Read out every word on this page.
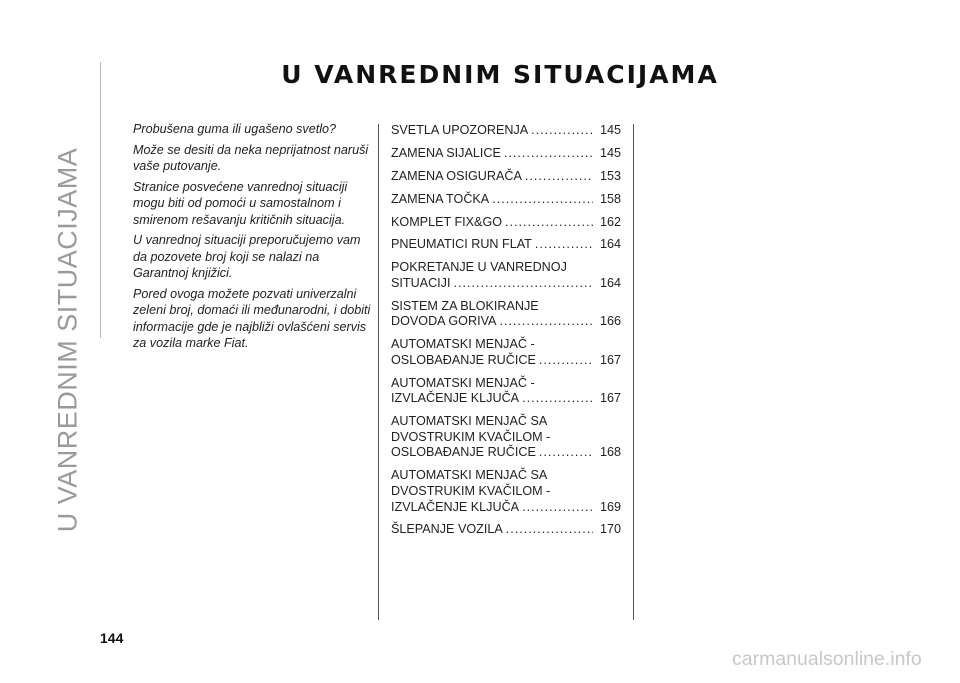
U VANREDNIM SITUACIJAMA
U VANREDNIM SITUACIJAMA

Probušena guma ili ugašeno svetlo?

Može se desiti da neka neprijatnost naruši vaše putovanje.

Stranice posvećene vanrednoj situaciji mogu biti od pomoći u samostalnom i smirenom rešavanju kritičnih situacija.

U vanrednoj situaciji preporučujemo vam da pozovete broj koji se nalazi na Garantnoj knjižici.

Pored ovoga možete pozvati univerzalni zeleni broj, domaći ili međunarodni, i dobiti informacije gde je najbliži ovlašćeni servis za vozila marke Fiat.

SVETLA UPOZORENJA .....	145
ZAMENA SIJALICE .....	145
ZAMENA OSIGURAČA .....	153
ZAMENA TOČKA .....	158
KOMPLET FIX&GO .....	162
PNEUMATICI RUN FLAT .....	164
POKRETANJE U VANREDNOJ
SITUACIJI .....	164
SISTEM ZA BLOKIRANJE
DOVODA GORIVA .....	166
AUTOMATSKI MENJAČ -
OSLOBAĐANJE RUČICE .....	167
AUTOMATSKI MENJAČ -
IZVLAČENJE KLJUČA .....	167
AUTOMATSKI MENJAČ SA
DVOSTRUKIM KVAČILOM -
OSLOBAĐANJE RUČICE .....	168
AUTOMATSKI MENJAČ SA
DVOSTRUKIM KVAČILOM -
IZVLAČENJE KLJUČA .....	169
ŠLEPANJE VOZILA .....	170
144
carmanualsonline.info
